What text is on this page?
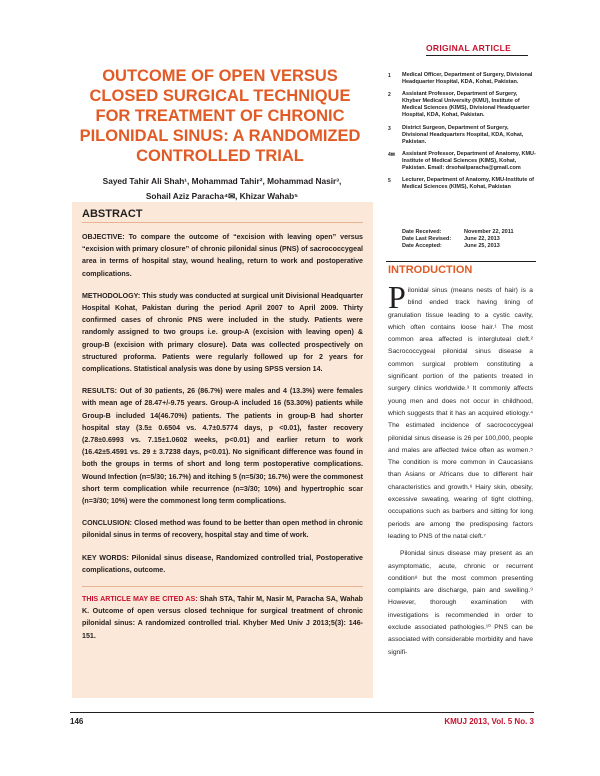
ORIGINAL ARTICLE
OUTCOME OF OPEN VERSUS CLOSED SURGICAL TECHNIQUE FOR TREATMENT OF CHRONIC PILONIDAL SINUS: A RANDOMIZED CONTROLLED TRIAL
Sayed Tahir Ali Shah¹, Mohammad Tahir², Mohammad Nasir³,
Sohail Aziz Paracha⁴✉, Khizar Wahab⁵
ABSTRACT

OBJECTIVE: To compare the outcome of “excision with leaving open” versus “excision with primary closure” of chronic pilonidal sinus (PNS) of sacrococcygeal area in terms of hospital stay, wound healing, return to work and postoperative complications.

METHODOLOGY: This study was conducted at surgical unit Divisional Headquarter Hospital Kohat, Pakistan during the period April 2007 to April 2009. Thirty confirmed cases of chronic PNS were included in the study. Patients were randomly assigned to two groups i.e. group-A (excision with leaving open) & group-B (excision with primary closure). Data was collected prospectively on structured proforma. Patients were regularly followed up for 2 years for complications. Statistical analysis was done by using SPSS version 14.

RESULTS: Out of 30 patients, 26 (86.7%) were males and 4 (13.3%) were females with mean age of 28.47+/-9.75 years. Group-A included 16 (53.30%) patients while Group-B included 14(46.70%) patients. The patients in group-B had shorter hospital stay (3.5± 0.6504 vs. 4.7±0.5774 days, p <0.01), faster recovery (2.78±0.6993 vs. 7.15±1.0602 weeks, p<0.01) and earlier return to work (16.42±5.4591 vs. 29 ± 3.7238 days, p<0.01). No significant difference was found in both the groups in terms of short and long term postoperative complications. Wound Infection (n=5/30; 16.7%) and itching 5 (n=5/30; 16.7%) were the commonest short term complication while recurrence (n=3/30; 10%) and hypertrophic scar (n=3/30; 10%) were the commonest long term complications.

CONCLUSION: Closed method was found to be better than open method in chronic pilonidal sinus in terms of recovery, hospital stay and time of work.

KEY WORDS: Pilonidal sinus disease, Randomized controlled trial, Postoperative complications, outcome.

THIS ARTICLE MAY BE CITED AS: Shah STA, Tahir M, Nasir M, Paracha SA, Wahab K. Outcome of open versus closed technique for surgical treatment of chronic pilonidal sinus: A randomized controlled trial. Khyber Med Univ J 2013;5(3): 146-151.

1	Medical Officer, Department of Surgery, Divisional Headquarter Hospital, KDA, Kohat, Pakistan.
2	Assistant Professor, Department of Surgery, Khyber Medical University (KMU), Institute of Medical Sciences (KIMS), Divisional Headquarter Hospital, KDA, Kohat, Pakistan.
3	District Surgeon, Department of Surgery, Divisional Headquarters Hospital, KDA, Kohat, Pakistan.
4✉	Assistant Professor, Department of Anatomy, KMU-Institute of Medical Sciences (KIMS), Kohat, Pakistan. Email: drsohailparacha@gmail.com
5	Lecturer, Department of Anatomy, KMU-Institute of Medical Sciences (KIMS), Kohat, Pakistan
Date Received:	November 22, 2011
Date Last Revised:	June 22, 2013
Date Accepted:	June 25, 2013
INTRODUCTION

Pilonidal sinus (means nests of hair) is a blind ended track having lining of granulation tissue leading to a cystic cavity, which often contains loose hair.¹ The most common area affected is intergluteal cleft.² Sacrococcygeal pilonidal sinus disease a common surgical problem constituting a significant portion of the patients treated in surgery clinics worldwide.³ It commonly affects young men and does not occur in childhood, which suggests that it has an acquired etiology.⁴ The estimated incidence of sacrococcygeal pilonidal sinus disease is 26 per 100,000, people and males are affected twice often as women.⁵ The condition is more common in Caucasians than Asians or Africans due to different hair characteristics and growth.⁶ Hairy skin, obesity, excessive sweating, wearing of tight clothing, occupations such as barbers and sitting for long periods are among the predisposing factors leading to PNS of the natal cleft.⁷

Pilonidal sinus disease may present as an asymptomatic, acute, chronic or recurrent condition⁸ but the most common presenting complaints are discharge, pain and swelling.⁹ However, thorough examination with investigations is recommended in order to exclude associated pathologies.¹⁰ PNS can be associated with considerable morbidity and have signifi-

146	KMUJ 2013, Vol. 5 No. 3
